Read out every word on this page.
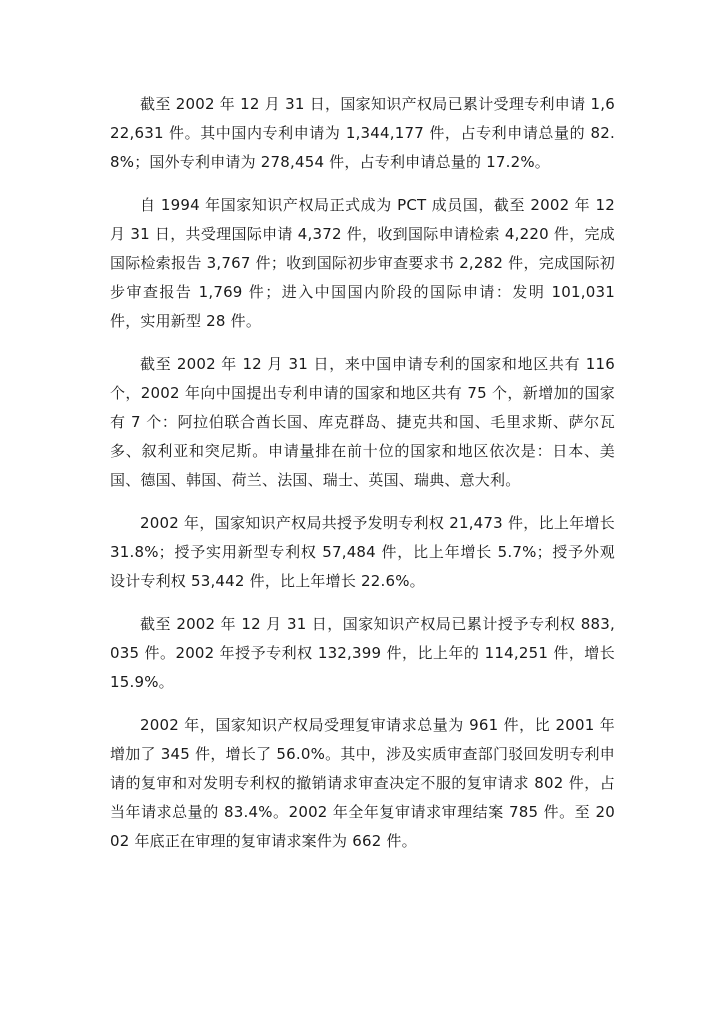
截至 2002 年 12 月 31 日，国家知识产权局已累计受理专利申请 1,622,631 件。其中国内专利申请为 1,344,177 件，占专利申请总量的 82.8%；国外专利申请为 278,454 件，占专利申请总量的 17.2%。

自 1994 年国家知识产权局正式成为 PCT 成员国，截至 2002 年 12 月 31 日，共受理国际申请 4,372 件，收到国际申请检索 4,220 件，完成国际检索报告 3,767 件；收到国际初步审查要求书 2,282 件，完成国际初步审查报告 1,769 件；进入中国国内阶段的国际申请：发明 101,031 件，实用新型 28 件。

截至 2002 年 12 月 31 日，来中国申请专利的国家和地区共有 116 个，2002 年向中国提出专利申请的国家和地区共有 75 个，新增加的国家有 7 个：阿拉伯联合酋长国、库克群岛、捷克共和国、毛里求斯、萨尔瓦多、叙利亚和突尼斯。申请量排在前十位的国家和地区依次是：日本、美国、德国、韩国、荷兰、法国、瑞士、英国、瑞典、意大利。

2002 年，国家知识产权局共授予发明专利权 21,473 件，比上年增长 31.8%；授予实用新型专利权 57,484 件，比上年增长 5.7%；授予外观设计专利权 53,442 件，比上年增长 22.6%。

截至 2002 年 12 月 31 日，国家知识产权局已累计授予专利权 883,035 件。2002 年授予专利权 132,399 件，比上年的 114,251 件，增长 15.9%。

2002 年，国家知识产权局受理复审请求总量为 961 件，比 2001 年增加了 345 件，增长了 56.0%。其中，涉及实质审查部门驳回发明专利申请的复审和对发明专利权的撤销请求审查决定不服的复审请求 802 件，占当年请求总量的 83.4%。2002 年全年复审请求审理结案 785 件。至 2002 年底正在审理的复审请求案件为 662 件。
